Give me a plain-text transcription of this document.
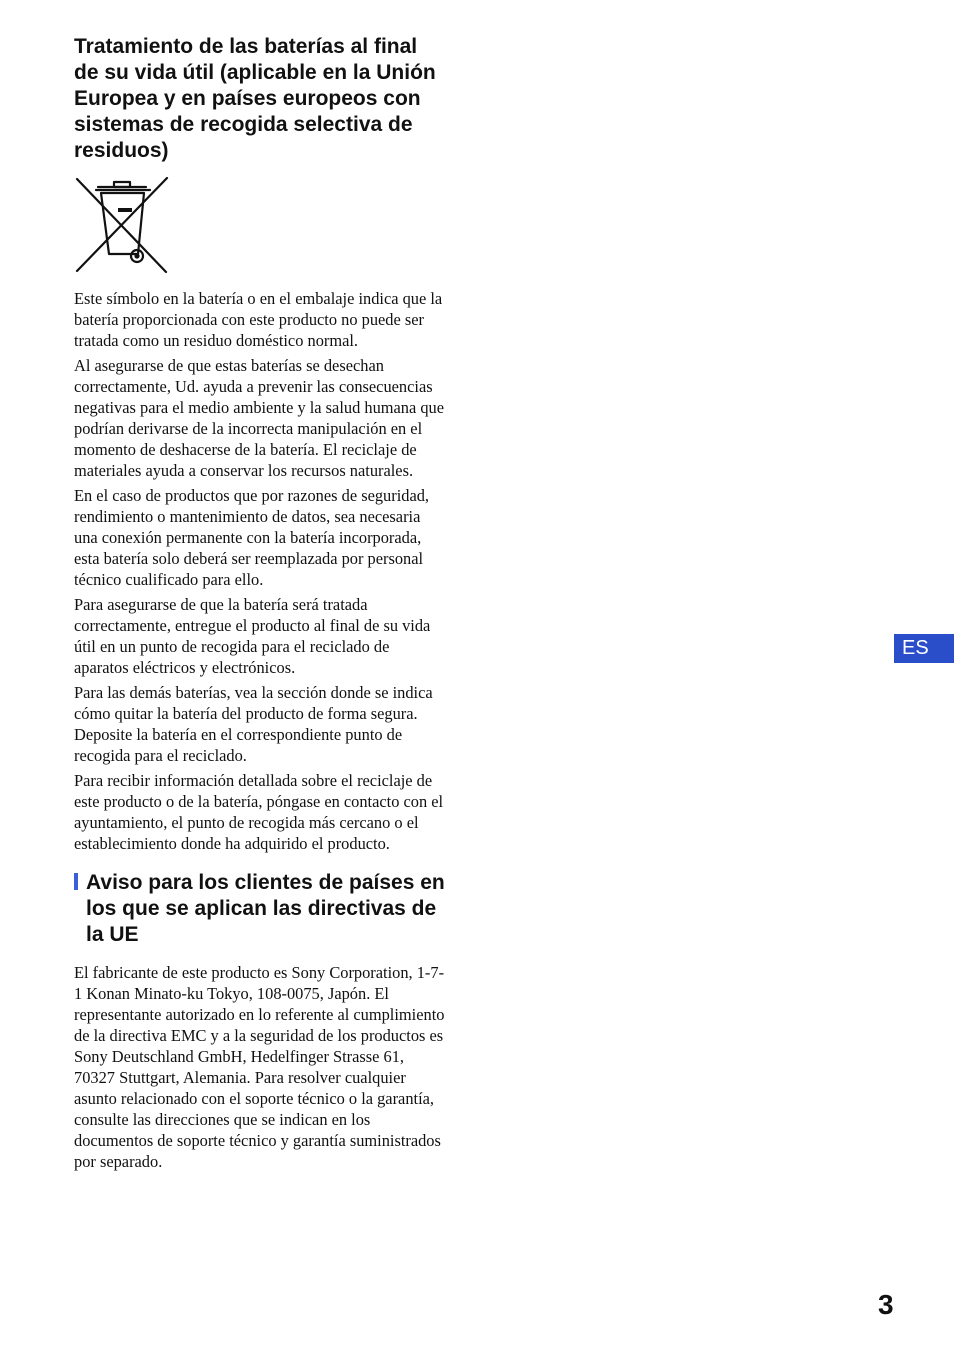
Tratamiento de las baterías al final de su vida útil (aplicable en la Unión Europea y en países europeos con sistemas de recogida selectiva de residuos)

Este símbolo en la batería o en el embalaje indica que la batería proporcionada con este producto no puede ser tratada como un residuo doméstico normal.

Al asegurarse de que estas baterías se desechan correctamente, Ud. ayuda a prevenir las consecuencias negativas para el medio ambiente y la salud humana que podrían derivarse de la incorrecta manipulación en el momento de deshacerse de la batería. El reciclaje de materiales ayuda a conservar los recursos naturales.

En el caso de productos que por razones de seguridad, rendimiento o mantenimiento de datos, sea necesaria una conexión permanente con la batería incorporada, esta batería solo deberá ser reemplazada por personal técnico cualificado para ello.

Para asegurarse de que la batería será tratada correctamente, entregue el producto al final de su vida útil en un punto de recogida para el reciclado de aparatos eléctricos y electrónicos.

Para las demás baterías, vea la sección donde se indica cómo quitar la batería del producto de forma segura. Deposite la batería en el correspondiente punto de recogida para el reciclado.

Para recibir información detallada sobre el reciclaje de este producto o de la batería, póngase en contacto con el ayuntamiento, el punto de recogida más cercano o el establecimiento donde ha adquirido el producto.

Aviso para los clientes de países en los que se aplican las directivas de la UE

El fabricante de este producto es Sony Corporation, 1-7-1 Konan Minato-ku Tokyo, 108-0075, Japón. El representante autorizado en lo referente al cumplimiento de la directiva EMC y a la seguridad de los productos es Sony Deutschland GmbH, Hedelfinger Strasse 61, 70327 Stuttgart, Alemania. Para resolver cualquier asunto relacionado con el soporte técnico o la garantía, consulte las direcciones que se indican en los documentos de soporte técnico y garantía suministrados por separado.

ES
3
